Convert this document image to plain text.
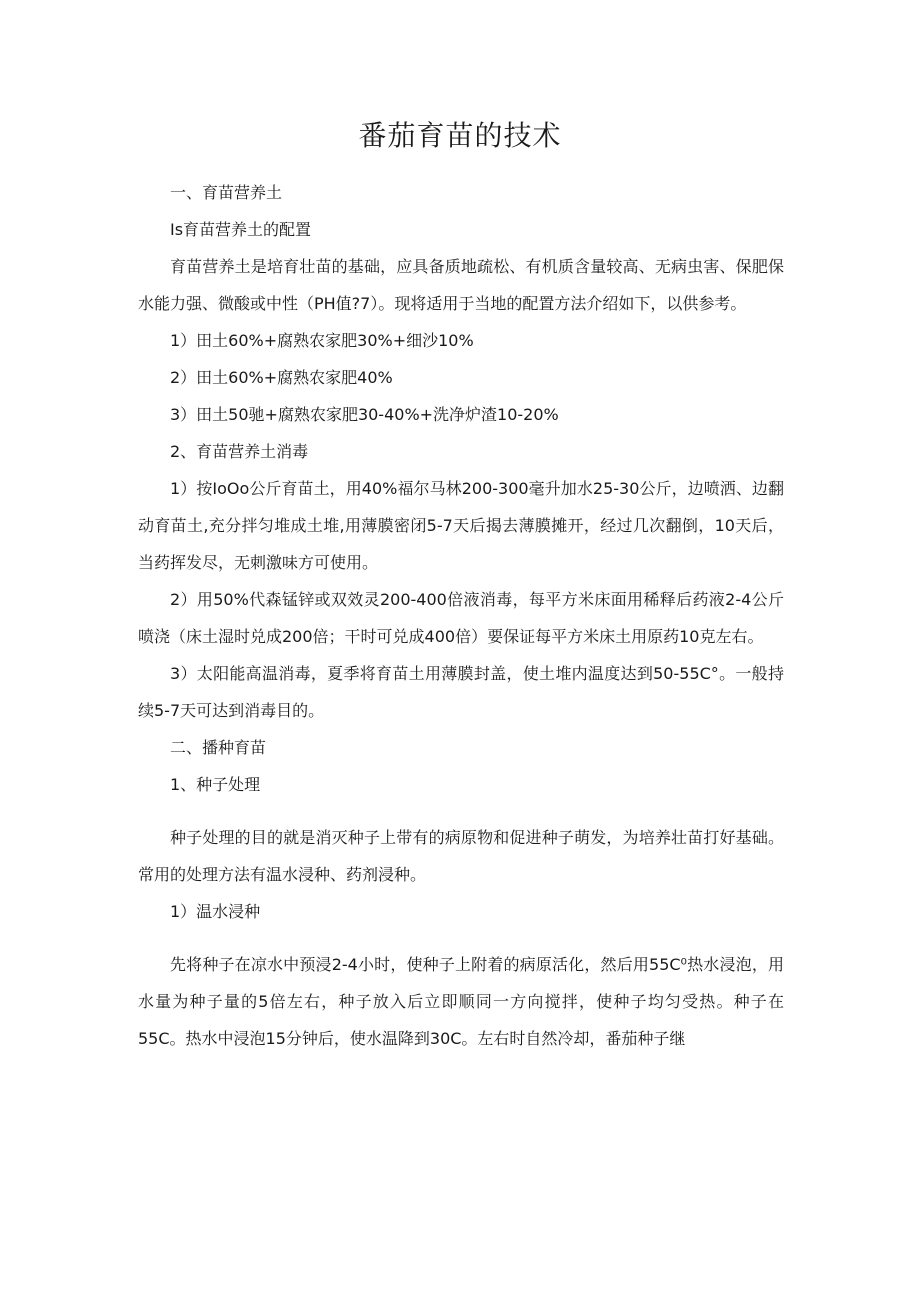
番茄育苗的技术

一、育苗营养土

Is育苗营养土的配置

育苗营养土是培育壮苗的基础，应具备质地疏松、有机质含量较高、无病虫害、保肥保水能力强、微酸或中性（PH值?7）。现将适用于当地的配置方法介绍如下，以供参考。

1）田土60%+腐熟农家肥30%+细沙10%

2）田土60%+腐熟农家肥40%

3）田土50驰+腐熟农家肥30-40%+洗净炉渣10-20%

2、育苗营养土消毒

1）按IoOo公斤育苗土，用40%福尔马林200-300毫升加水25-30公斤，边喷洒、边翻动育苗土,充分拌匀堆成土堆,用薄膜密闭5-7天后揭去薄膜摊开，经过几次翻倒，10天后，当药挥发尽，无刺激味方可使用。

2）用50%代森锰锌或双效灵200-400倍液消毒，每平方米床面用稀释后药液2-4公斤喷浇（床土湿时兑成200倍；干时可兑成400倍）要保证每平方米床土用原药10克左右。

3）太阳能高温消毒，夏季将育苗土用薄膜封盖，使土堆内温度达到50-55C°。一般持续5-7天可达到消毒目的。

二、播种育苗

1、种子处理

种子处理的目的就是消灭种子上带有的病原物和促进种子萌发，为培养壮苗打好基础。常用的处理方法有温水浸种、药剂浸种。

1）温水浸种

先将种子在凉水中预浸2-4小时，使种子上附着的病原活化，然后用55C⁰热水浸泡，用水量为种子量的5倍左右，种子放入后立即顺同一方向搅拌，使种子均匀受热。种子在55C。热水中浸泡15分钟后，使水温降到30C。左右时自然冷却，番茄种子继
